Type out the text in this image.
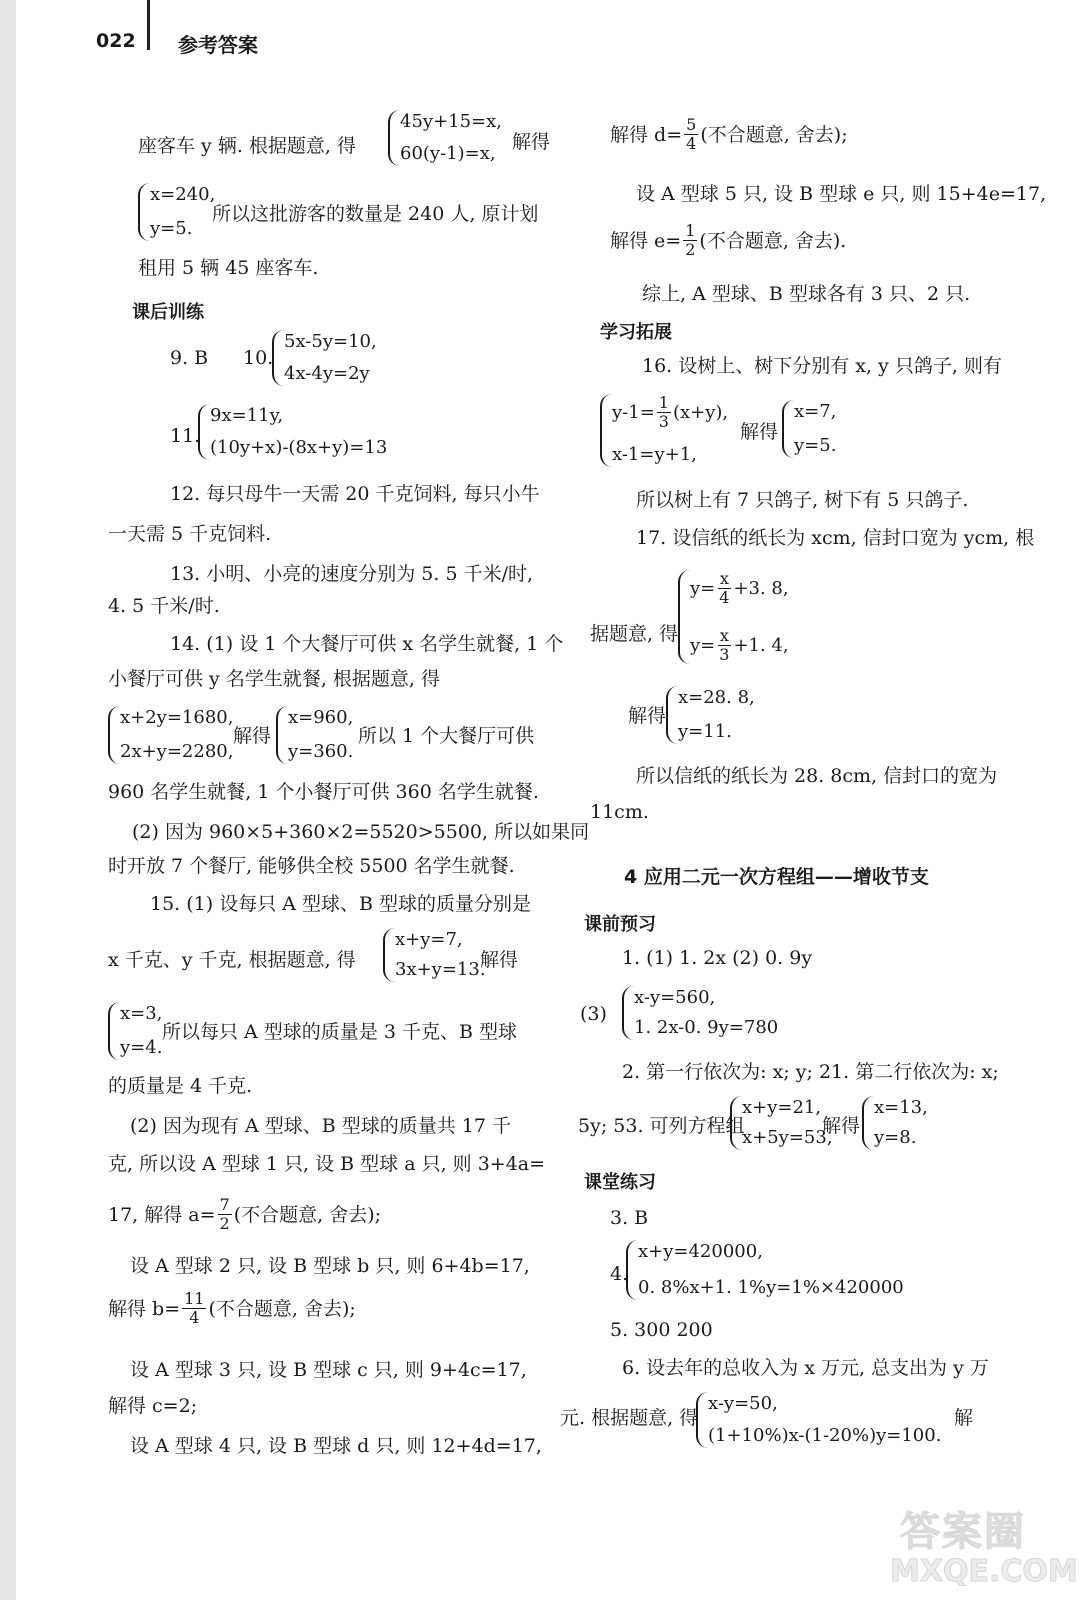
022 参考答案
座客车 y 辆. 根据题意, 得
45y+15=x,
60(y-1)=x,
解得
x=240,
y=5.
所以这批游客的数量是 240 人, 原计划
租用 5 辆 45 座客车.
课后训练
9. B 10.
5x-5y=10,
4x-4y=2y
11.
9x=11y,
(10y+x)-(8x+y)=13
12. 每只母牛一天需 20 千克饲料, 每只小牛
一天需 5 千克饲料.
13. 小明、小亮的速度分别为 5. 5 千米/时,
4. 5 千米/时.
14. (1) 设 1 个大餐厅可供 x 名学生就餐, 1 个
小餐厅可供 y 名学生就餐, 根据题意, 得
x+2y=1680,
2x+y=2280,
解得
x=960,
y=360.
所以 1 个大餐厅可供
960 名学生就餐, 1 个小餐厅可供 360 名学生就餐.
(2) 因为 960×5+360×2=5520>5500, 所以如果同
时开放 7 个餐厅, 能够供全校 5500 名学生就餐.
15. (1) 设每只 A 型球、B 型球的质量分别是
x 千克、y 千克, 根据题意, 得
x+y=7,
3x+y=13.
解得
x=3,
y=4.
所以每只 A 型球的质量是 3 千克、B 型球
的质量是 4 千克.
(2) 因为现有 A 型球、B 型球的质量共 17 千
克, 所以设 A 型球 1 只, 设 B 型球 a 只, 则 3+4a=
17, 解得 $a= \frac{7}{2}$ (不合题意, 舍去);
设 A 型球 2 只, 设 B 型球 b 只, 则 6+4b=17,
解得 $b= \frac{11}{4}$ (不合题意, 舍去);
设 A 型球 3 只, 设 B 型球 c 只, 则 9+4c=17,
解得 c=2;
设 A 型球 4 只, 设 B 型球 d 只, 则 12+4d=17,
解得 $d= \frac{5}{4}$ (不合题意, 舍去);
设 A 型球 5 只, 设 B 型球 e 只, 则 15+4e=17,
解得 $e= \frac{1}{2}$ (不合题意, 舍去).
综上, A 型球、B 型球各有 3 只、2 只.
学习拓展
16. 设树上、树下分别有 x, y 只鸽子, 则有
$y-1= \frac{1}{3} (x+y)$,
x-1=y+1,
解得
x=7,
y=5.
所以树上有 7 只鸽子, 树下有 5 只鸽子.
17. 设信纸的纸长为 xcm, 信封口宽为 ycm, 根
据题意, 得
$y= \frac{x}{4} +3$. 8,
$y= \frac{x}{3} +1$. 4,
解得
x=28. 8,
y=11.
所以信纸的纸长为 28. 8cm, 信封口的宽为
11cm.
4 应用二元一次方程组——增收节支
课前预习
1. (1) 1. 2x (2) 0. 9y
(3)
x-y=560,
1. 2x-0. 9y=780
2. 第一行依次为: x; y; 21. 第二行依次为: x;
5y; 53. 可列方程组
x+y=21,
x+5y=53,
解得
x=13,
y=8.
课堂练习
3. B
4.
x+y=420000,
0. 8%x+1. 1%y=1%×420000
5. 300 200
6. 设去年的总收入为 x 万元, 总支出为 y 万
元. 根据题意, 得
x-y=50,
(1+10%)x-(1-20%)y=100.
解
答案圈
MXQE.COM
